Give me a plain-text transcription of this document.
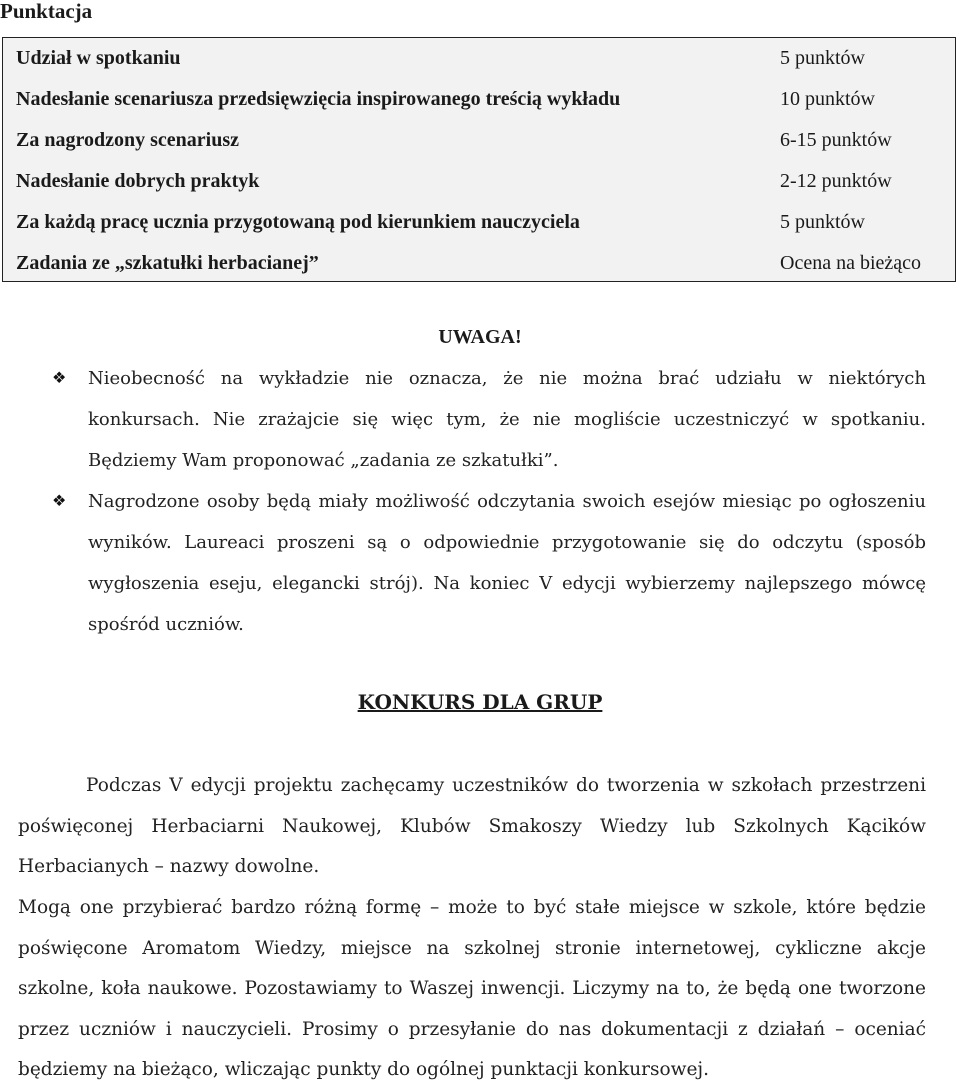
Punktacja
Udział w spotkaniu	5 punktów
Nadesłanie scenariusza przedsięwzięcia inspirowanego treścią wykładu	10 punktów
Za nagrodzony scenariusz	6-15 punktów
Nadesłanie dobrych praktyk	2-12 punktów
Za każdą pracę ucznia przygotowaną pod kierunkiem nauczyciela	5 punktów
Zadania ze „szkatułki herbacianej”	Ocena na bieżąco
UWAGA!
❖ Nieobecność na wykładzie nie oznacza, że nie można brać udziału w niektórych konkursach. Nie zrażajcie się więc tym, że nie mogliście uczestniczyć w spotkaniu. Będziemy Wam proponować „zadania ze szkatułki”.
❖ Nagrodzone osoby będą miały możliwość odczytania swoich esejów miesiąc po ogłoszeniu wyników. Laureaci proszeni są o odpowiednie przygotowanie się do odczytu (sposób wygłoszenia eseju, elegancki strój). Na koniec V edycji wybierzemy najlepszego mówcę spośród uczniów.
KONKURS DLA GRUP
Podczas V edycji projektu zachęcamy uczestników do tworzenia w szkołach przestrzeni poświęconej Herbaciarni Naukowej, Klubów Smakoszy Wiedzy lub Szkolnych Kącików Herbacianych – nazwy dowolne.
Mogą one przybierać bardzo różną formę – może to być stałe miejsce w szkole, które będzie poświęcone Aromatom Wiedzy, miejsce na szkolnej stronie internetowej, cykliczne akcje szkolne, koła naukowe. Pozostawiamy to Waszej inwencji. Liczymy na to, że będą one tworzone przez uczniów i nauczycieli. Prosimy o przesyłanie do nas dokumentacji z działań – oceniać będziemy na bieżąco, wliczając punkty do ogólnej punktacji konkursowej.
